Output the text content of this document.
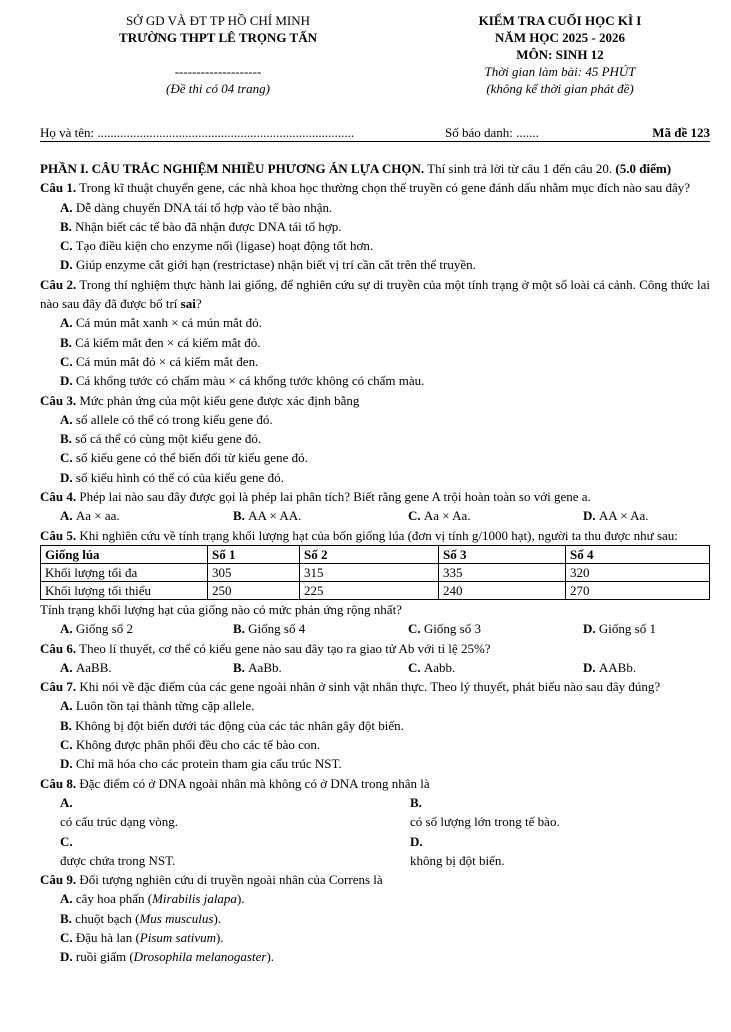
SỞ GD VÀ ĐT TP HỒ CHÍ MINH
TRƯỜNG THPT LÊ TRỌNG TẤN
--------------------
(Đề thi có 04 trang)
KIỂM TRA CUỐI HỌC KÌ I
NĂM HỌC 2025 - 2026
MÔN: SINH 12
Thời gian làm bài: 45 PHÚT
(không kể thời gian phát đề)
Họ và tên: ...............................................................................	Số báo danh: .......	Mã đề 123

PHẦN I. CÂU TRẮC NGHIỆM NHIỀU PHƯƠNG ÁN LỰA CHỌN. Thí sinh trả lời từ câu 1 đến câu 20. (5.0 điểm)

Câu 1. Trong kĩ thuật chuyển gene, các nhà khoa học thường chọn thể truyền có gene đánh dấu nhằm mục đích nào sau đây?

A. Dễ dàng chuyển DNA tái tổ hợp vào tế bào nhận.

B. Nhận biết các tế bào đã nhận được DNA tái tổ hợp.

C. Tạo điều kiện cho enzyme nối (ligase) hoạt động tốt hơn.

D. Giúp enzyme cắt giới hạn (restrictase) nhận biết vị trí cần cắt trên thể truyền.

Câu 2. Trong thí nghiệm thực hành lai giống, để nghiên cứu sự di truyền của một tính trạng ở một số loài cá cảnh. Công thức lai nào sau đây đã được bố trí sai?

A. Cá mún mắt xanh × cá mún mắt đỏ.

B. Cá kiếm mắt đen × cá kiếm mắt đỏ.

C. Cá mún mắt đỏ × cá kiếm mắt đen.

D. Cá khổng tước có chấm màu × cá khổng tước không có chấm màu.

Câu 3. Mức phản ứng của một kiểu gene được xác định bằng

A. số allele có thể có trong kiểu gene đó.

B. số cá thể có cùng một kiểu gene đó.

C. số kiểu gene có thể biến đổi từ kiểu gene đó.

D. số kiểu hình có thể có của kiểu gene đó.

Câu 4. Phép lai nào sau đây được gọi là phép lai phân tích? Biết rằng gene A trội hoàn toàn so với gene a.

A. Aa × aa.	B. AA × AA.	C. Aa × Aa.	D. AA × Aa.

Câu 5. Khi nghiên cứu về tính trạng khối lượng hạt của bốn giống lúa (đơn vị tính g/1000 hạt), người ta thu được như sau:

Giống lúa	Số 1	Số 2	Số 3	Số 4
Khối lượng tối đa	305	315	335	320
Khối lượng tối thiểu	250	225	240	270

Tính trạng khối lượng hạt của giống nào có mức phản ứng rộng nhất?

A. Giống số 2	B. Giống số 4	C. Giống số 3	D. Giống số 1

Câu 6. Theo lí thuyết, cơ thể có kiểu gene nào sau đây tạo ra giao tử Ab với tỉ lệ 25%?

A. AaBB.	B. AaBb.	C. Aabb.	D. AABb.

Câu 7. Khi nói về đặc điểm của các gene ngoài nhân ở sinh vật nhân thực. Theo lý thuyết, phát biểu nào sau đây đúng?

A. Luôn tồn tại thành từng cặp allele.

B. Không bị đột biến dưới tác động của các tác nhân gây đột biến.

C. Không được phân phối đều cho các tế bào con.

D. Chỉ mã hóa cho các protein tham gia cấu trúc NST.

Câu 8. Đặc điểm có ở DNA ngoài nhân mà không có ở DNA trong nhân là

A. có cấu trúc dạng vòng.
B. có số lượng lớn trong tế bào.
C. được chứa trong NST.
D. không bị đột biến.

Câu 9. Đối tượng nghiên cứu di truyền ngoài nhân của Correns là

A. cây hoa phấn (Mirabilis jalapa).

B. chuột bạch (Mus musculus).

C. Đậu hà lan (Pisum sativum).

D. ruồi giấm (Drosophila melanogaster).
